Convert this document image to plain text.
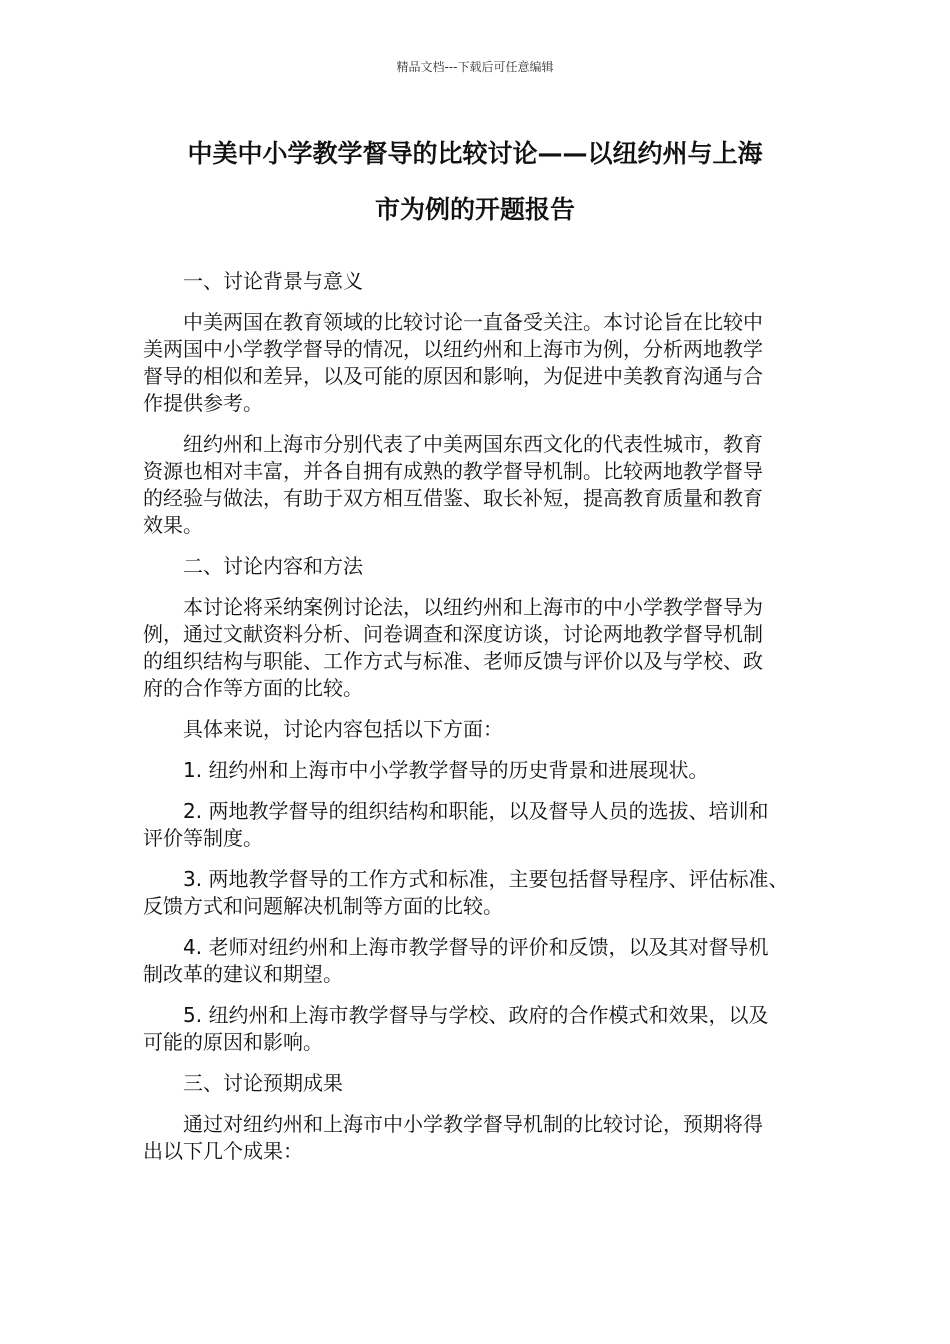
精品文档---下载后可任意编辑
中美中小学教学督导的比较讨论——以纽约州与上海
市为例的开题报告

一、讨论背景与意义

中美两国在教育领域的比较讨论一直备受关注。本讨论旨在比较中
美两国中小学教学督导的情况，以纽约州和上海市为例，分析两地教学
督导的相似和差异，以及可能的原因和影响，为促进中美教育沟通与合
作提供参考。

纽约州和上海市分别代表了中美两国东西文化的代表性城市，教育
资源也相对丰富，并各自拥有成熟的教学督导机制。比较两地教学督导
的经验与做法，有助于双方相互借鉴、取长补短，提高教育质量和教育
效果。

二、讨论内容和方法

本讨论将采纳案例讨论法，以纽约州和上海市的中小学教学督导为
例，通过文献资料分析、问卷调查和深度访谈，讨论两地教学督导机制
的组织结构与职能、工作方式与标准、老师反馈与评价以及与学校、政
府的合作等方面的比较。

具体来说，讨论内容包括以下方面：

1. 纽约州和上海市中小学教学督导的历史背景和进展现状。

2. 两地教学督导的组织结构和职能，以及督导人员的选拔、培训和
评价等制度。

3. 两地教学督导的工作方式和标准，主要包括督导程序、评估标准、
反馈方式和问题解决机制等方面的比较。

4. 老师对纽约州和上海市教学督导的评价和反馈，以及其对督导机
制改革的建议和期望。

5. 纽约州和上海市教学督导与学校、政府的合作模式和效果，以及
可能的原因和影响。

三、讨论预期成果

通过对纽约州和上海市中小学教学督导机制的比较讨论，预期将得
出以下几个成果：
